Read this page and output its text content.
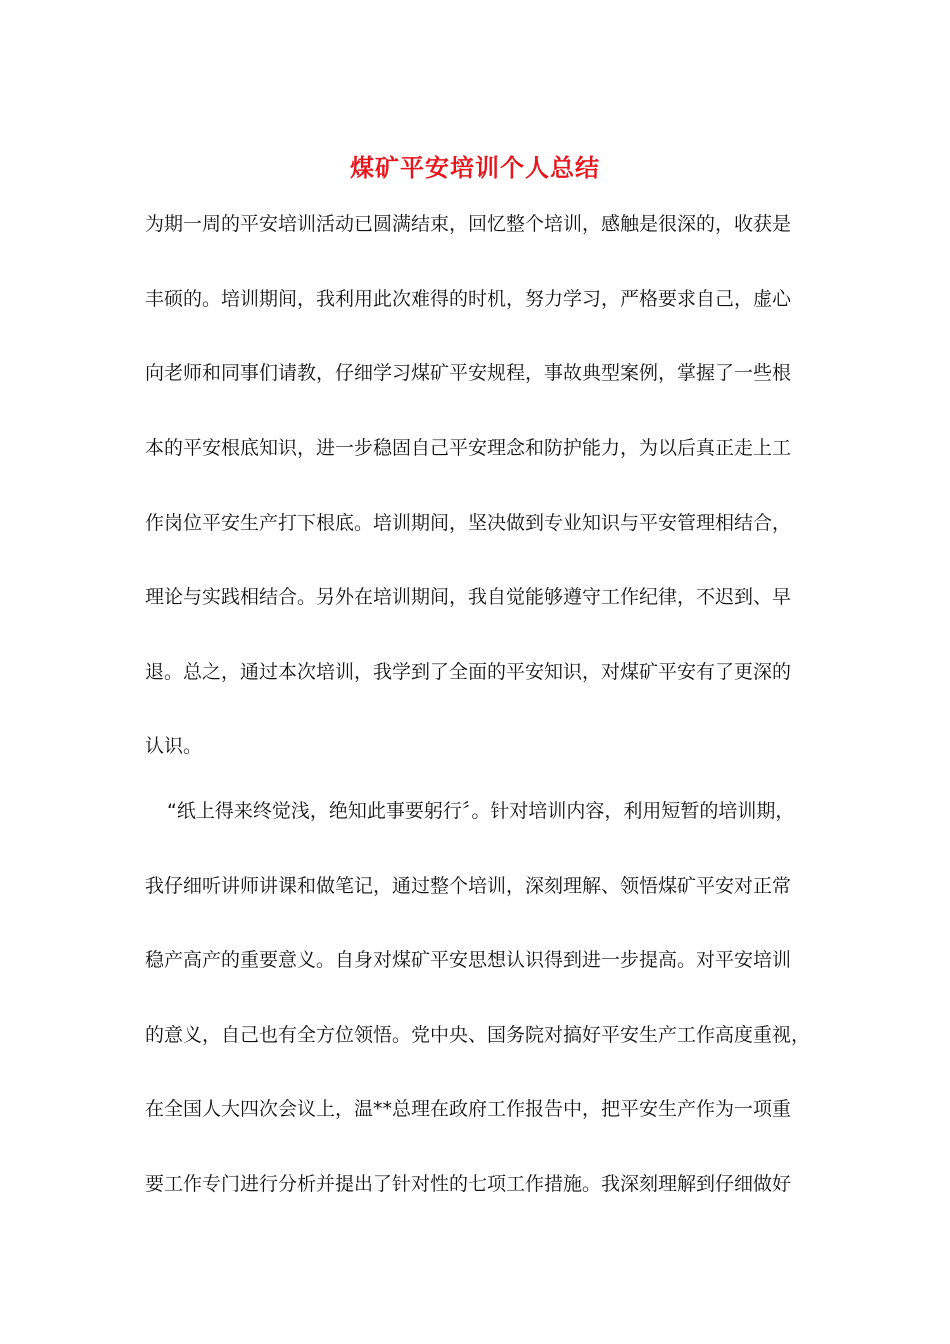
煤矿平安培训个人总结
为期一周的平安培训活动已圆满结束，回忆整个培训，感触是很深的，收获是
丰硕的。培训期间，我利用此次难得的时机，努力学习，严格要求自己，虚心
向老师和同事们请教，仔细学习煤矿平安规程，事故典型案例，掌握了一些根
本的平安根底知识，进一步稳固自己平安理念和防护能力，为以后真正走上工
作岗位平安生产打下根底。培训期间，坚决做到专业知识与平安管理相结合，
理论与实践相结合。另外在培训期间，我自觉能够遵守工作纪律，不迟到、早
退。总之，通过本次培训，我学到了全面的平安知识，对煤矿平安有了更深的
认识。
“纸上得来终觉浅，绝知此事要躬行〞。针对培训内容，利用短暂的培训期，
我仔细听讲师讲课和做笔记，通过整个培训，深刻理解、领悟煤矿平安对正常
稳产高产的重要意义。自身对煤矿平安思想认识得到进一步提高。对平安培训
的意义，自己也有全方位领悟。党中央、国务院对搞好平安生产工作高度重视，
在全国人大四次会议上，温**总理在政府工作报告中，把平安生产作为一项重
要工作专门进行分析并提出了针对性的七项工作措施。我深刻理解到仔细做好
